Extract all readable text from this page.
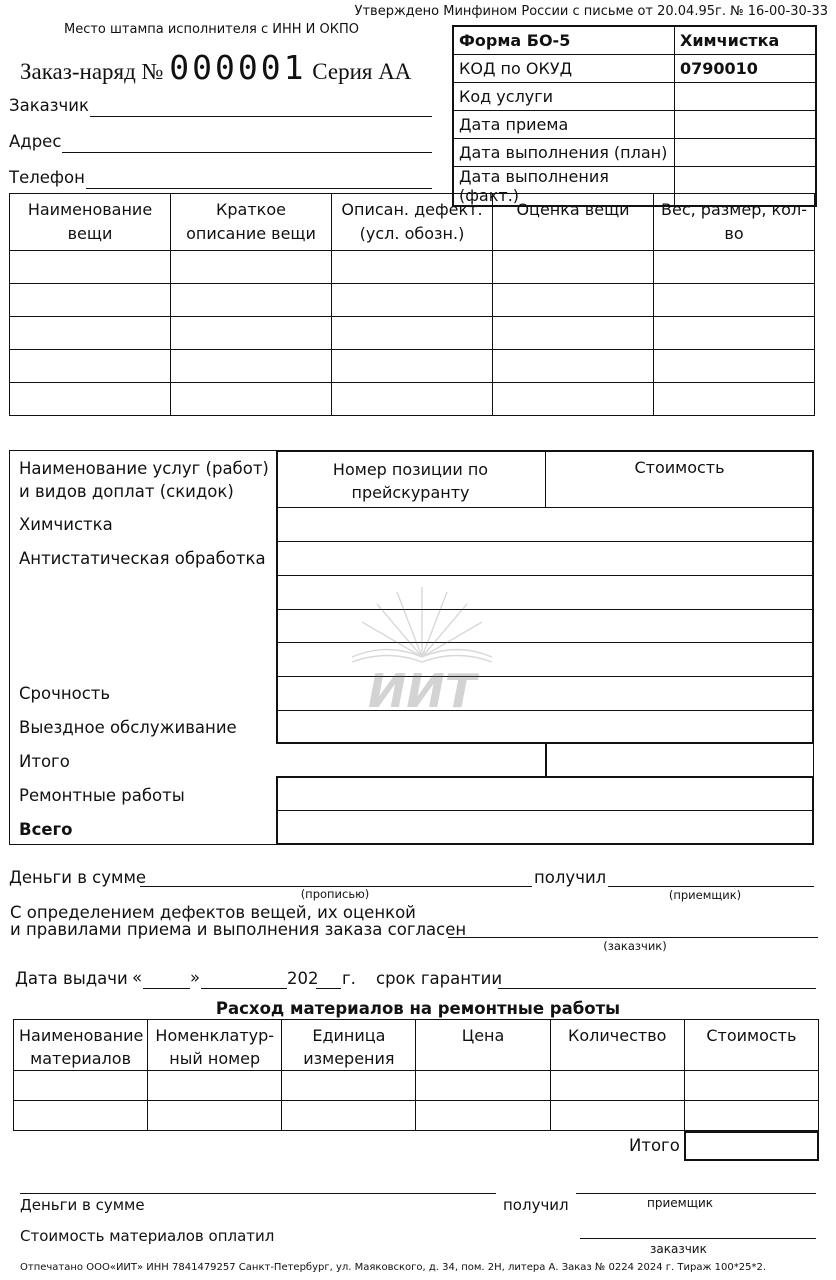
Утверждено Минфином России с письме от 20.04.95г. № 16-00-30-33
Место штампа исполнителя с ИНН И ОКПО
Заказ-наряд № 000001 Серия АА
Заказчик
Адрес
Телефон
Форма БО-5	Химчистка
КОД по ОКУД	0790010
Код услуги	
Дата приема	
Дата выполнения (план)	
Дата выполнения (факт.)	
Наименование вещи	Краткое описание вещи	Описан. дефект. (усл. обозн.)	Оценка вещи	Вес, размер, кол-во

Наименование услуг (работ) и видов доплат (скидок)
Номер позиции по прейскуранту
Стоимость
Химчистка
Антистатическая обработка
Срочность
Выездное обслуживание
Итого
Ремонтные работы
Всего
ИИТ
Деньги в сумме
(прописью)
получил
(приемщик)
С определением дефектов вещей, их оценкой
и правилами приема и выполнения заказа согласен
(заказчик)
Дата выдачи «	»	202 г. срок гарантии
Расход материалов на ремонтные работы
Наименование материалов	Номенклатур-ный номер	Единица измерения	Цена	Количество	Стоимость

Итого
Деньги в сумме	получил	приемщик
Стоимость материалов оплатил
заказчик
Отпечатано ООО«ИИТ» ИНН 7841479257 Санкт-Петербург, ул. Маяковского, д. 34, пом. 2Н, литера А. Заказ № 0224 2024 г. Тираж 100*25*2.
